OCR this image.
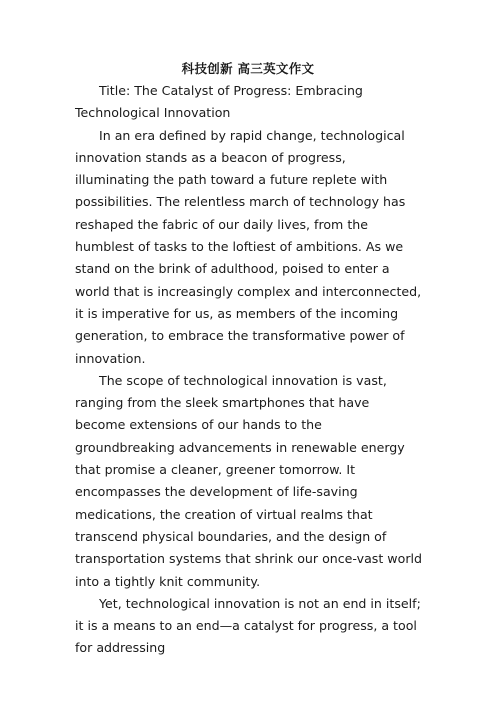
科技创新 高三英文作文

Title: The Catalyst of Progress: Embracing Technological Innovation

In an era defined by rapid change, technological innovation stands as a beacon of progress, illuminating the path toward a future replete with possibilities. The relentless march of technology has reshaped the fabric of our daily lives, from the humblest of tasks to the loftiest of ambitions. As we stand on the brink of adulthood, poised to enter a world that is increasingly complex and interconnected, it is imperative for us, as members of the incoming generation, to embrace the transformative power of innovation.

The scope of technological innovation is vast, ranging from the sleek smartphones that have become extensions of our hands to the groundbreaking advancements in renewable energy that promise a cleaner, greener tomorrow. It encompasses the development of life-saving medications, the creation of virtual realms that transcend physical boundaries, and the design of transportation systems that shrink our once-vast world into a tightly knit community.

Yet, technological innovation is not an end in itself; it is a means to an end—a catalyst for progress, a tool for addressing
